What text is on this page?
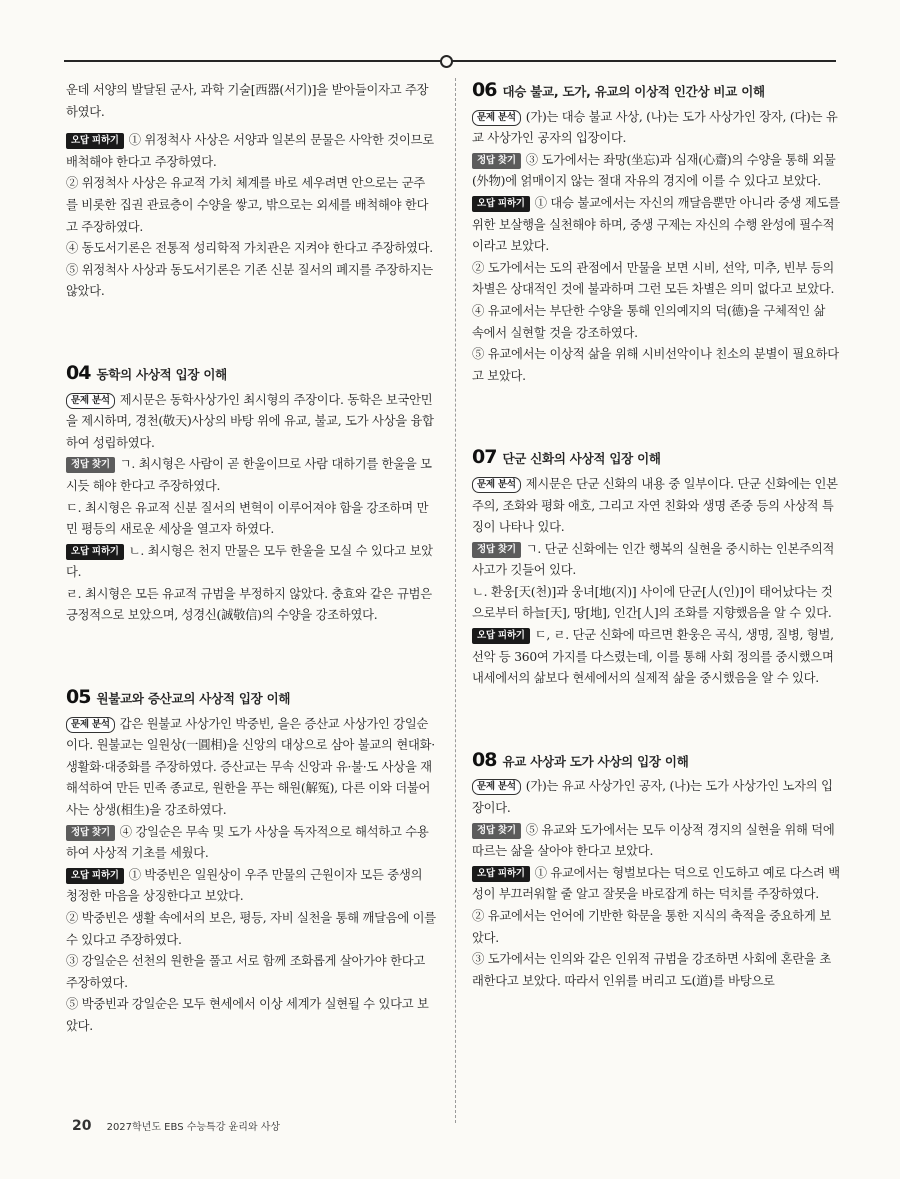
운데 서양의 발달된 군사, 과학 기술[西器(서기)]을 받아들이자고 주장하였다.

오답 피하기 ① 위정척사 사상은 서양과 일본의 문물은 사악한 것이므로 배척해야 한다고 주장하였다.

② 위정척사 사상은 유교적 가치 체계를 바로 세우려면 안으로는 군주를 비롯한 집권 관료층이 수양을 쌓고, 밖으로는 외세를 배척해야 한다고 주장하였다.

④ 동도서기론은 전통적 성리학적 가치관은 지켜야 한다고 주장하였다.

⑤ 위정척사 사상과 동도서기론은 기존 신분 질서의 폐지를 주장하지는 않았다.

04 동학의 사상적 입장 이해

문제 분석 제시문은 동학사상가인 최시형의 주장이다. 동학은 보국안민을 제시하며, 경천(敬天)사상의 바탕 위에 유교, 불교, 도가 사상을 융합하여 성립하였다.

정답 찾기 ㄱ. 최시형은 사람이 곧 한울이므로 사람 대하기를 한울을 모시듯 해야 한다고 주장하였다.

ㄷ. 최시형은 유교적 신분 질서의 변혁이 이루어져야 함을 강조하며 만민 평등의 새로운 세상을 열고자 하였다.

오답 피하기 ㄴ. 최시형은 천지 만물은 모두 한울을 모실 수 있다고 보았다.

ㄹ. 최시형은 모든 유교적 규범을 부정하지 않았다. 충효와 같은 규범은 긍정적으로 보았으며, 성경신(誠敬信)의 수양을 강조하였다.

05 원불교와 증산교의 사상적 입장 이해

문제 분석 갑은 원불교 사상가인 박중빈, 을은 증산교 사상가인 강일순이다. 원불교는 일원상(一圓相)을 신앙의 대상으로 삼아 불교의 현대화·생활화·대중화를 주장하였다. 증산교는 무속 신앙과 유·불·도 사상을 재해석하여 만든 민족 종교로, 원한을 푸는 해원(解冤), 다른 이와 더불어 사는 상생(相生)을 강조하였다.

정답 찾기 ④ 강일순은 무속 및 도가 사상을 독자적으로 해석하고 수용하여 사상적 기초를 세웠다.

오답 피하기 ① 박중빈은 일원상이 우주 만물의 근원이자 모든 중생의 청정한 마음을 상징한다고 보았다.

② 박중빈은 생활 속에서의 보은, 평등, 자비 실천을 통해 깨달음에 이를 수 있다고 주장하였다.

③ 강일순은 선천의 원한을 풀고 서로 함께 조화롭게 살아가야 한다고 주장하였다.

⑤ 박중빈과 강일순은 모두 현세에서 이상 세계가 실현될 수 있다고 보았다.

06 대승 불교, 도가, 유교의 이상적 인간상 비교 이해

문제 분석 (가)는 대승 불교 사상, (나)는 도가 사상가인 장자, (다)는 유교 사상가인 공자의 입장이다.

정답 찾기 ③ 도가에서는 좌망(坐忘)과 심재(心齋)의 수양을 통해 외물(外物)에 얽매이지 않는 절대 자유의 경지에 이를 수 있다고 보았다.

오답 피하기 ① 대승 불교에서는 자신의 깨달음뿐만 아니라 중생 제도를 위한 보살행을 실천해야 하며, 중생 구제는 자신의 수행 완성에 필수적이라고 보았다.

② 도가에서는 도의 관점에서 만물을 보면 시비, 선악, 미추, 빈부 등의 차별은 상대적인 것에 불과하며 그런 모든 차별은 의미 없다고 보았다.

④ 유교에서는 부단한 수양을 통해 인의예지의 덕(德)을 구체적인 삶 속에서 실현할 것을 강조하였다.

⑤ 유교에서는 이상적 삶을 위해 시비선악이나 친소의 분별이 필요하다고 보았다.

07 단군 신화의 사상적 입장 이해

문제 분석 제시문은 단군 신화의 내용 중 일부이다. 단군 신화에는 인본주의, 조화와 평화 애호, 그리고 자연 친화와 생명 존중 등의 사상적 특징이 나타나 있다.

정답 찾기 ㄱ. 단군 신화에는 인간 행복의 실현을 중시하는 인본주의적 사고가 깃들어 있다.

ㄴ. 환웅[天(천)]과 웅녀[地(지)] 사이에 단군[人(인)]이 태어났다는 것으로부터 하늘[天], 땅[地], 인간[人]의 조화를 지향했음을 알 수 있다.

오답 피하기 ㄷ, ㄹ. 단군 신화에 따르면 환웅은 곡식, 생명, 질병, 형벌, 선악 등 360여 가지를 다스렸는데, 이를 통해 사회 정의를 중시했으며 내세에서의 삶보다 현세에서의 실제적 삶을 중시했음을 알 수 있다.

08 유교 사상과 도가 사상의 입장 이해

문제 분석 (가)는 유교 사상가인 공자, (나)는 도가 사상가인 노자의 입장이다.

정답 찾기 ⑤ 유교와 도가에서는 모두 이상적 경지의 실현을 위해 덕에 따르는 삶을 살아야 한다고 보았다.

오답 피하기 ① 유교에서는 형벌보다는 덕으로 인도하고 예로 다스려 백성이 부끄러워할 줄 알고 잘못을 바로잡게 하는 덕치를 주장하였다.

② 유교에서는 언어에 기반한 학문을 통한 지식의 축적을 중요하게 보았다.

③ 도가에서는 인의와 같은 인위적 규범을 강조하면 사회에 혼란을 초래한다고 보았다. 따라서 인위를 버리고 도(道)를 바탕으로

20 2027학년도 EBS 수능특강 윤리와 사상
